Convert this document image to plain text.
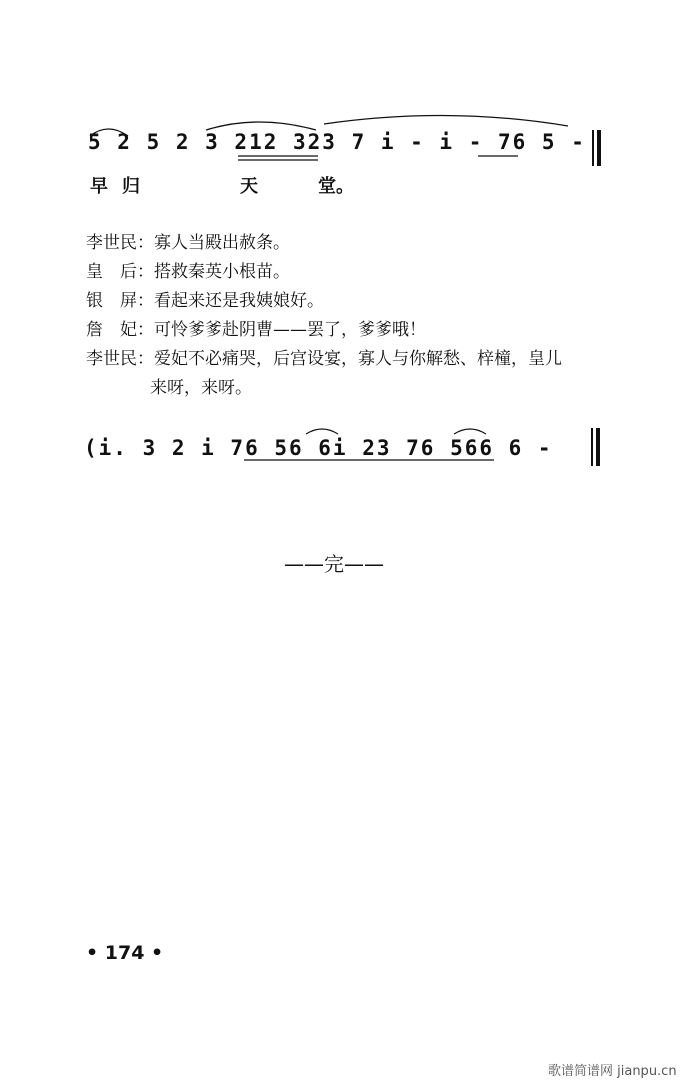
5 2 5 2 3 212 323 7 i - i - 76 5 -
早归	天	堂。
李世民：寡人当殿出赦条。
皇　后：搭救秦英小根苗。
银　屏：看起来还是我姨娘好。
詹　妃：可怜爹爹赴阴曹——罢了，爹爹哦！
李世民：爱妃不必痛哭，后宫设宴，寡人与你解愁、梓橦，皇儿
来呀，来呀。
(i. 3 2 i 76 56 6i 23 76 566 6 -
——完——
• 174 •
歌谱简谱网 jianpu.cn
